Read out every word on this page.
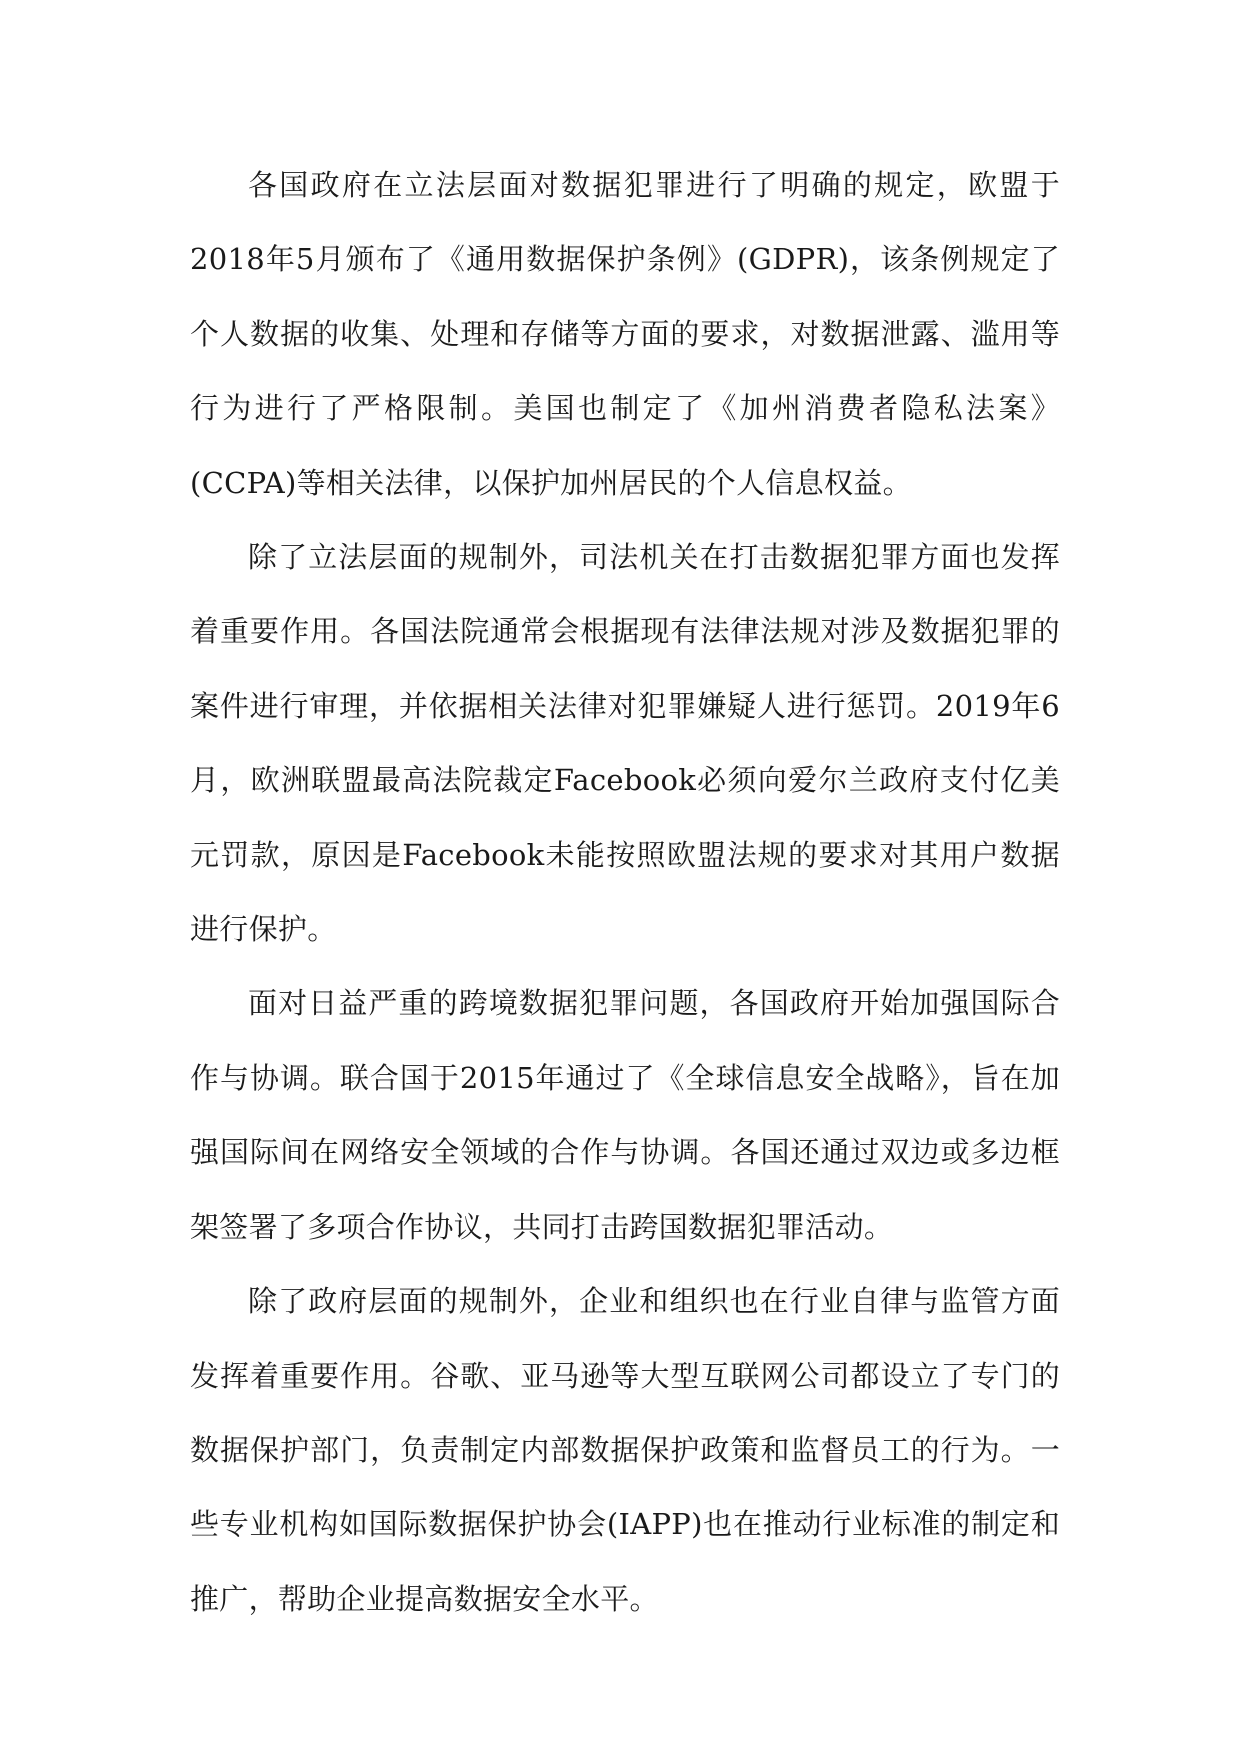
各国政府在立法层面对数据犯罪进行了明确的规定，欧盟于2018年5月颁布了《通用数据保护条例》(GDPR)，该条例规定了个人数据的收集、处理和存储等方面的要求，对数据泄露、滥用等行为进行了严格限制。美国也制定了《加州消费者隐私法案》(CCPA)等相关法律，以保护加州居民的个人信息权益。

除了立法层面的规制外，司法机关在打击数据犯罪方面也发挥着重要作用。各国法院通常会根据现有法律法规对涉及数据犯罪的案件进行审理，并依据相关法律对犯罪嫌疑人进行惩罚。2019年6月，欧洲联盟最高法院裁定Facebook必须向爱尔兰政府支付亿美元罚款，原因是Facebook未能按照欧盟法规的要求对其用户数据进行保护。

面对日益严重的跨境数据犯罪问题，各国政府开始加强国际合作与协调。联合国于2015年通过了《全球信息安全战略》，旨在加强国际间在网络安全领域的合作与协调。各国还通过双边或多边框架签署了多项合作协议，共同打击跨国数据犯罪活动。

除了政府层面的规制外，企业和组织也在行业自律与监管方面发挥着重要作用。谷歌、亚马逊等大型互联网公司都设立了专门的数据保护部门，负责制定内部数据保护政策和监督员工的行为。一些专业机构如国际数据保护协会(IAPP)也在推动行业标准的制定和推广，帮助企业提高数据安全水平。
